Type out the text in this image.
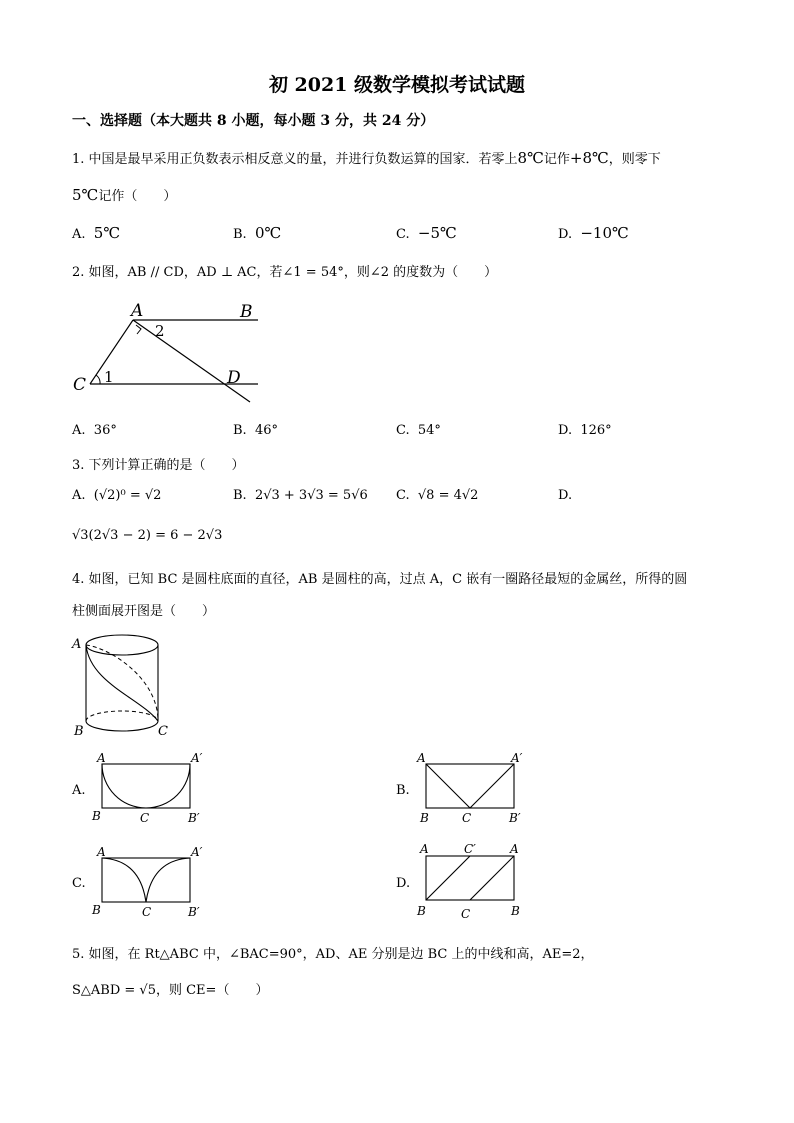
初 2021 级数学模拟考试试题
一、选择题（本大题共 8 小题，每小题 3 分，共 24 分）
1. 中国是最早采用正负数表示相反意义的量，并进行负数运算的国家．若零上8℃记作+8℃，则零下
5℃记作（　　）
A. 5℃	B. 0℃	C. −5℃	D. −10℃
2. 如图，AB // CD，AD ⊥ AC，若∠1 = 54°，则∠2 的度数为（　　）
A	B
C	D
1
2
A. 36°	B. 46°	C. 54°	D. 126°
3. 下列计算正确的是（　　）
A. (√2)⁰ = √2	B. 2√3 + 3√3 = 5√6 C. √8 = 4√2	D.
√3(2√3 − 2) = 6 − 2√3
4. 如图，已知 BC 是圆柱底面的直径，AB 是圆柱的高，过点 A，C 嵌有一圈路径最短的金属丝，所得的圆
柱侧面展开图是（　　）
A
B	C
A.
A	A′
B	C	B′
B.
A	A′
B	C	B′
C.
A	A′
B	C	B′
D.
A	C′	A
B	C	B
5. 如图，在 Rt△ABC 中，∠BAC=90°，AD、AE 分别是边 BC 上的中线和高，AE=2，
S△ABD = √5，则 CE=（　　）
